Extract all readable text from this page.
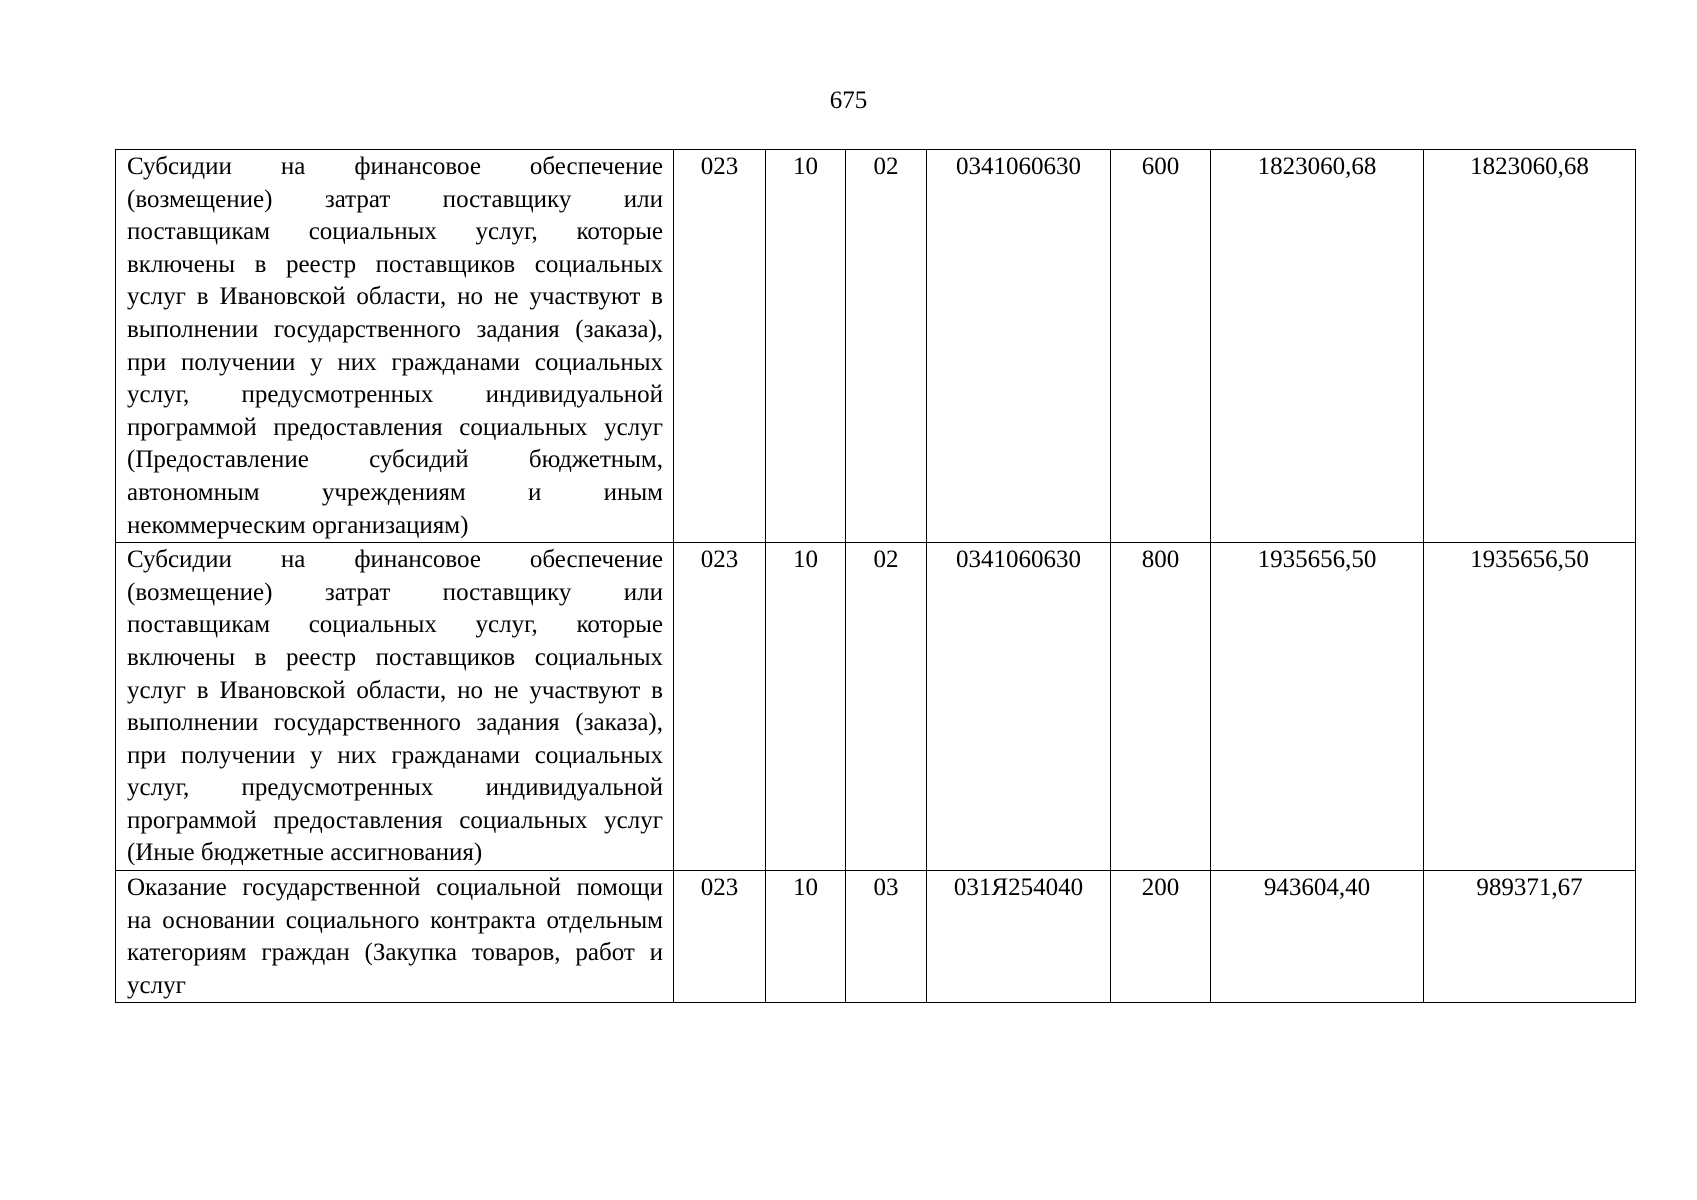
675
Субсидии на финансовое обеспечение (возмещение) затрат поставщику или поставщикам социальных услуг, которые включены в реестр поставщиков социальных услуг в Ивановской области, но не участвуют в выполнении государственного задания (заказа), при получении у них гражданами социальных услуг, предусмотренных индивидуальной программой предоставления социальных услуг (Предоставление субсидий бюджетным, автономным учреждениям и иным некоммерческим организациям)	023	10	02	0341060630	600	1823060,68	1823060,68
Субсидии на финансовое обеспечение (возмещение) затрат поставщику или поставщикам социальных услуг, которые включены в реестр поставщиков социальных услуг в Ивановской области, но не участвуют в выполнении государственного задания (заказа), при получении у них гражданами социальных услуг, предусмотренных индивидуальной программой предоставления социальных услуг (Иные бюджетные ассигнования)	023	10	02	0341060630	800	1935656,50	1935656,50

Оказание государственной социальной помощи на основании социального контракта отдельным категориям граждан (Закупка товаров, работ и услуг	023	10	03	031Я254040	200	943604,40	989371,67
